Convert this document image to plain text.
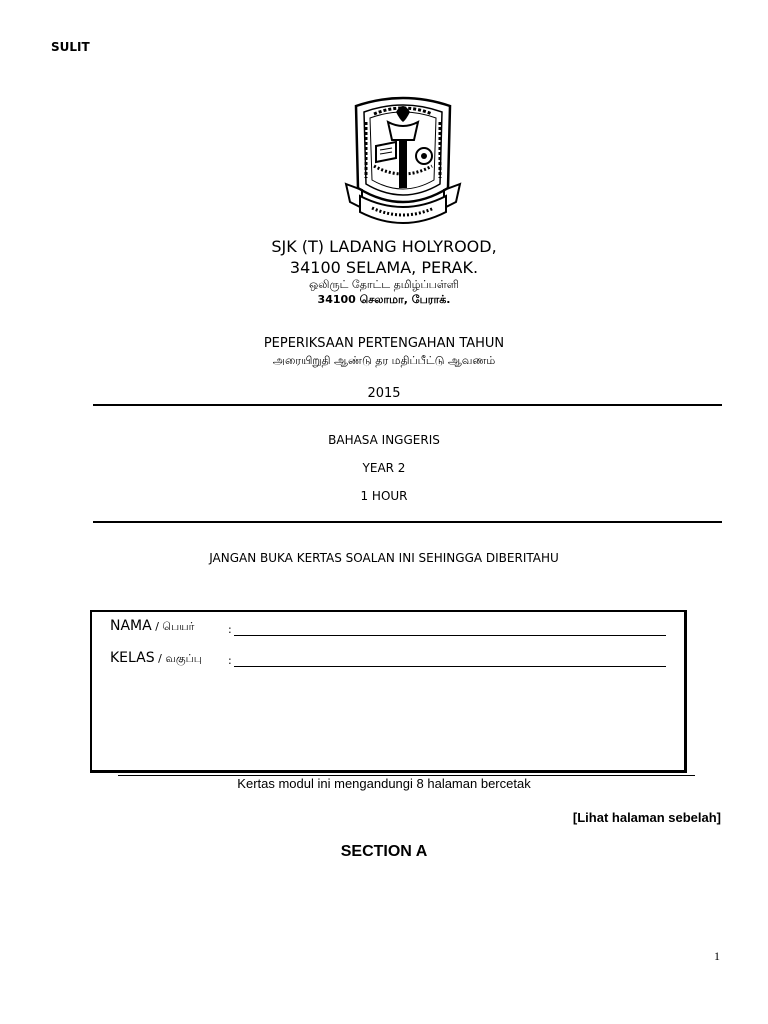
SULIT
SJK (T) LADANG HOLYROOD,
34100 SELAMA, PERAK.
ஒலிருட் தோட்ட தமிழ்ப்பள்ளி
34100 செலாமா, பேராக்.
PEPERIKSAAN PERTENGAHAN TAHUN
அரையிறுதி ஆண்டு தர மதிப்பீட்டு ஆவணம்
2015
BAHASA INGGERIS
YEAR 2
1 HOUR
JANGAN BUKA KERTAS SOALAN INI SEHINGGA DIBERITAHU
NAMA / பெயர்	:
KELAS / வகுப்பு :
Kertas modul ini mengandungi 8 halaman bercetak
[Lihat halaman sebelah]
SECTION A
1
